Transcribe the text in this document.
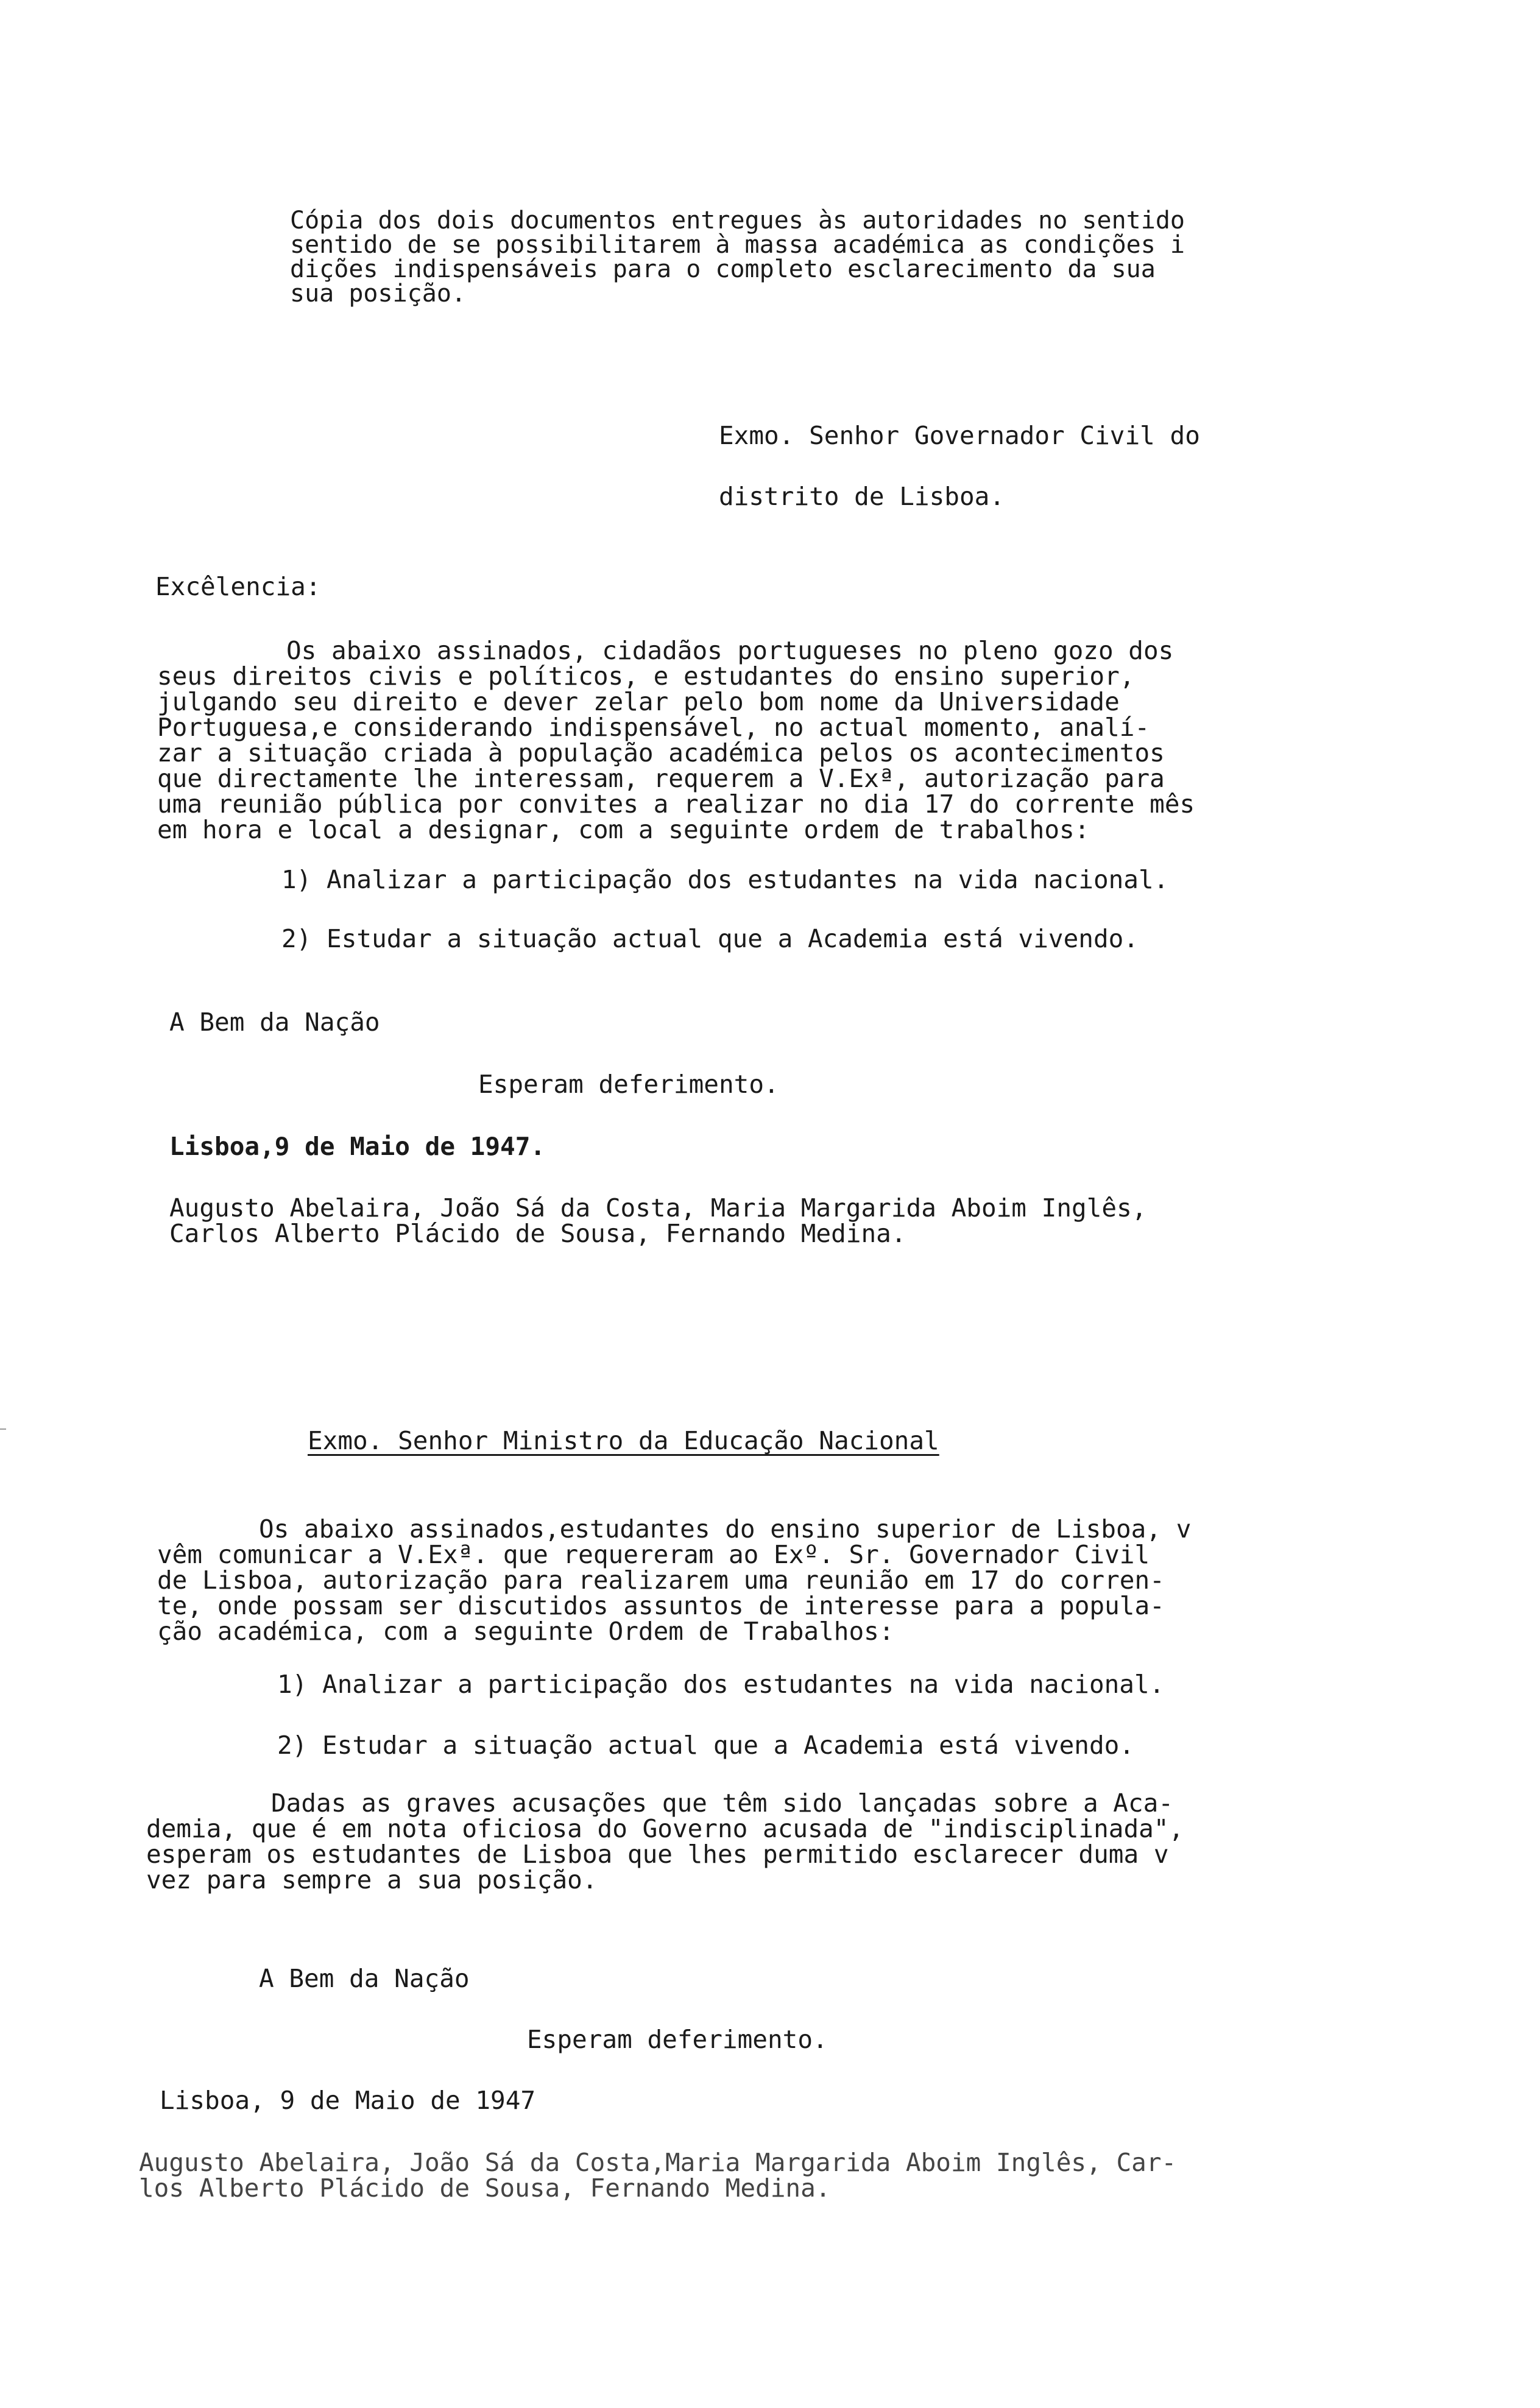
Cópia dos dois documentos entregues às autoridades no sentido
sentido de se possibilitarem à massa académica as condições i
dições indispensáveis para o completo esclarecimento da sua
sua posição.
Exmo. Senhor Governador Civil do
distrito de Lisboa.
Excêlencia:
Os abaixo assinados, cidadãos portugueses no pleno gozo dos
seus direitos civis e políticos, e estudantes do ensino superior,
julgando seu direito e dever zelar pelo bom nome da Universidade
Portuguesa,e considerando indispensável, no actual momento, analí-
zar a situação criada à população académica pelos os acontecimentos
que directamente lhe interessam, requerem a V.Exª, autorização para
uma reunião pública por convites a realizar no dia 17 do corrente mês
em hora e local a designar, com a seguinte ordem de trabalhos:
1) Analizar a participação dos estudantes na vida nacional.
2) Estudar a situação actual que a Academia está vivendo.
A Bem da Nação
Esperam deferimento.
Lisboa,9 de Maio de 1947.
Augusto Abelaira, João Sá da Costa, Maria Margarida Aboim Inglês,
Carlos Alberto Plácido de Sousa, Fernando Medina.
Exmo. Senhor Ministro da Educação Nacional
Os abaixo assinados,estudantes do ensino superior de Lisboa, v
vêm comunicar a V.Exª. que requereram ao Exº. Sr. Governador Civil
de Lisboa, autorização para realizarem uma reunião em 17 do corren-
te, onde possam ser discutidos assuntos de interesse para a popula-
ção académica, com a seguinte Ordem de Trabalhos:
1) Analizar a participação dos estudantes na vida nacional.
2) Estudar a situação actual que a Academia está vivendo.
Dadas as graves acusações que têm sido lançadas sobre a Aca-
demia, que é em nota oficiosa do Governo acusada de "indisciplinada",
esperam os estudantes de Lisboa que lhes permitido esclarecer duma v
vez para sempre a sua posição.
A Bem da Nação
Esperam deferimento.
Lisboa, 9 de Maio de 1947
Augusto Abelaira, João Sá da Costa,Maria Margarida Aboim Inglês, Car-
los Alberto Plácido de Sousa, Fernando Medina.
